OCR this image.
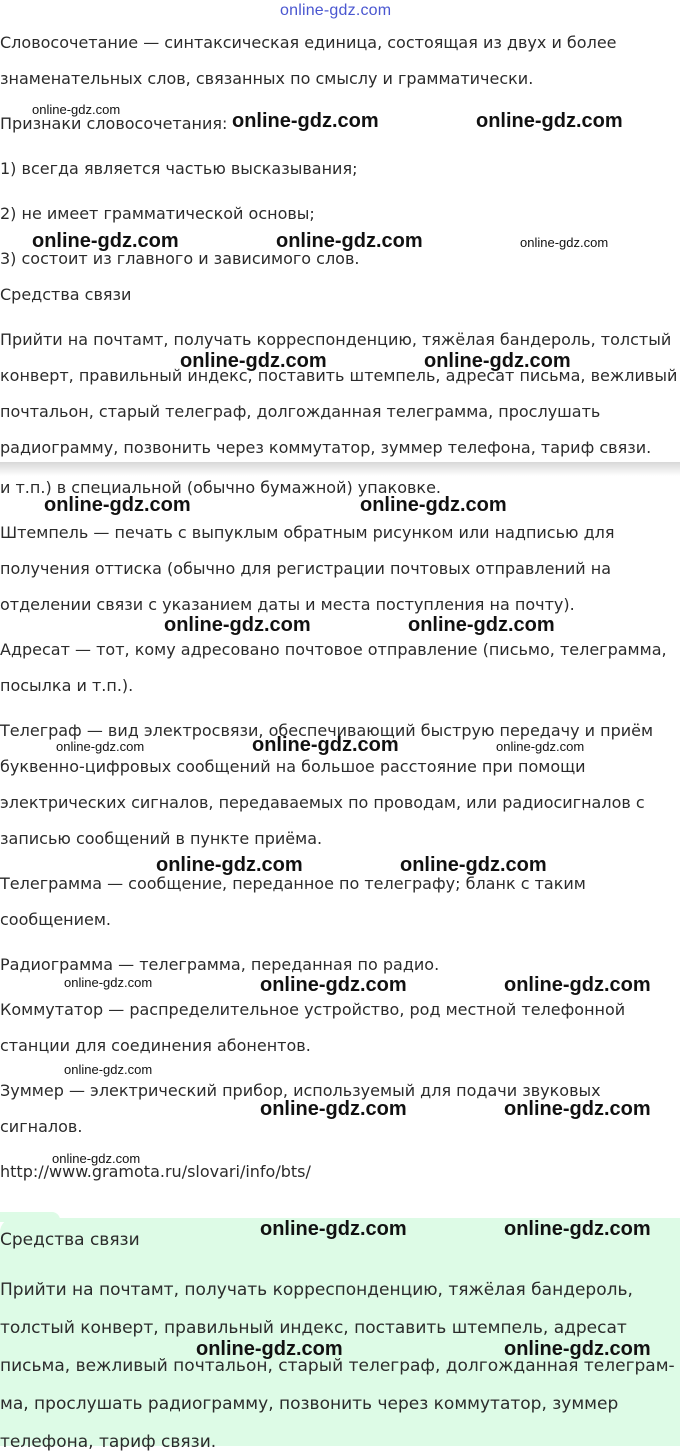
online-gdz.com

Словосочетание — синтаксическая единица, состоящая из двух и более

знаменательных слов, связанных по смыслу и грамматически.

Признаки словосочетания:

1) всегда является частью высказывания;

2) не имеет грамматической основы;

3) состоит из главного и зависимого слов.

Средства связи

Прийти на почтамт, получать корреспонденцию, тяжёлая бандероль, толстый

конверт, правильный индекс, поставить штемпель, адресат письма, вежливый

почтальон, старый телеграф, долгожданная телеграмма, прослушать

радиограмму, позвонить через коммутатор, зуммер телефона, тариф связи.

и т.п.) в специальной (обычно бумажной) упаковке.

Штемпель — печать с выпуклым обратным рисунком или надписью для

получения оттиска (обычно для регистрации почтовых отправлений на

отделении связи с указанием даты и места поступления на почту).

Адресат — тот, кому адресовано почтовое отправление (письмо, телеграмма,

посылка и т.п.).

Телеграф — вид электросвязи, обеспечивающий быструю передачу и приём

буквенно-цифровых сообщений на большое расстояние при помощи

электрических сигналов, передаваемых по проводам, или радиосигналов с

записью сообщений в пункте приёма.

Телеграмма — сообщение, переданное по телеграфу; бланк с таким

сообщением.

Радиограмма — телеграмма, переданная по радио.

Коммутатор — распределительное устройство, род местной телефонной

станции для соединения абонентов.

Зуммер — электрический прибор, используемый для подачи звуковых

сигналов.

http://www.gramota.ru/slovari/info/bts/

Средства связи

Прийти на почтамт, получать корреспонденцию, тяжёлая бандероль,

толстый конверт, правильный индекс, поставить штемпель, адресат

письма, вежливый почтальон, старый телеграф, долгожданная телеграм-

ма, прослушать радиограмму, позвонить через коммутатор, зуммер

телефона, тариф связи.

online-gdz.com
online-gdz.com	online-gdz.com
online-gdz.com	online-gdz.com	online-gdz.com
online-gdz.com	online-gdz.com
online-gdz.com	online-gdz.com
online-gdz.com	online-gdz.com
online-gdz.com	online-gdz.com	online-gdz.com
online-gdz.com	online-gdz.com
online-gdz.com	online-gdz.com	online-gdz.com
online-gdz.com
online-gdz.com	online-gdz.com
online-gdz.com
online-gdz.com	online-gdz.com
online-gdz.com	online-gdz.com
